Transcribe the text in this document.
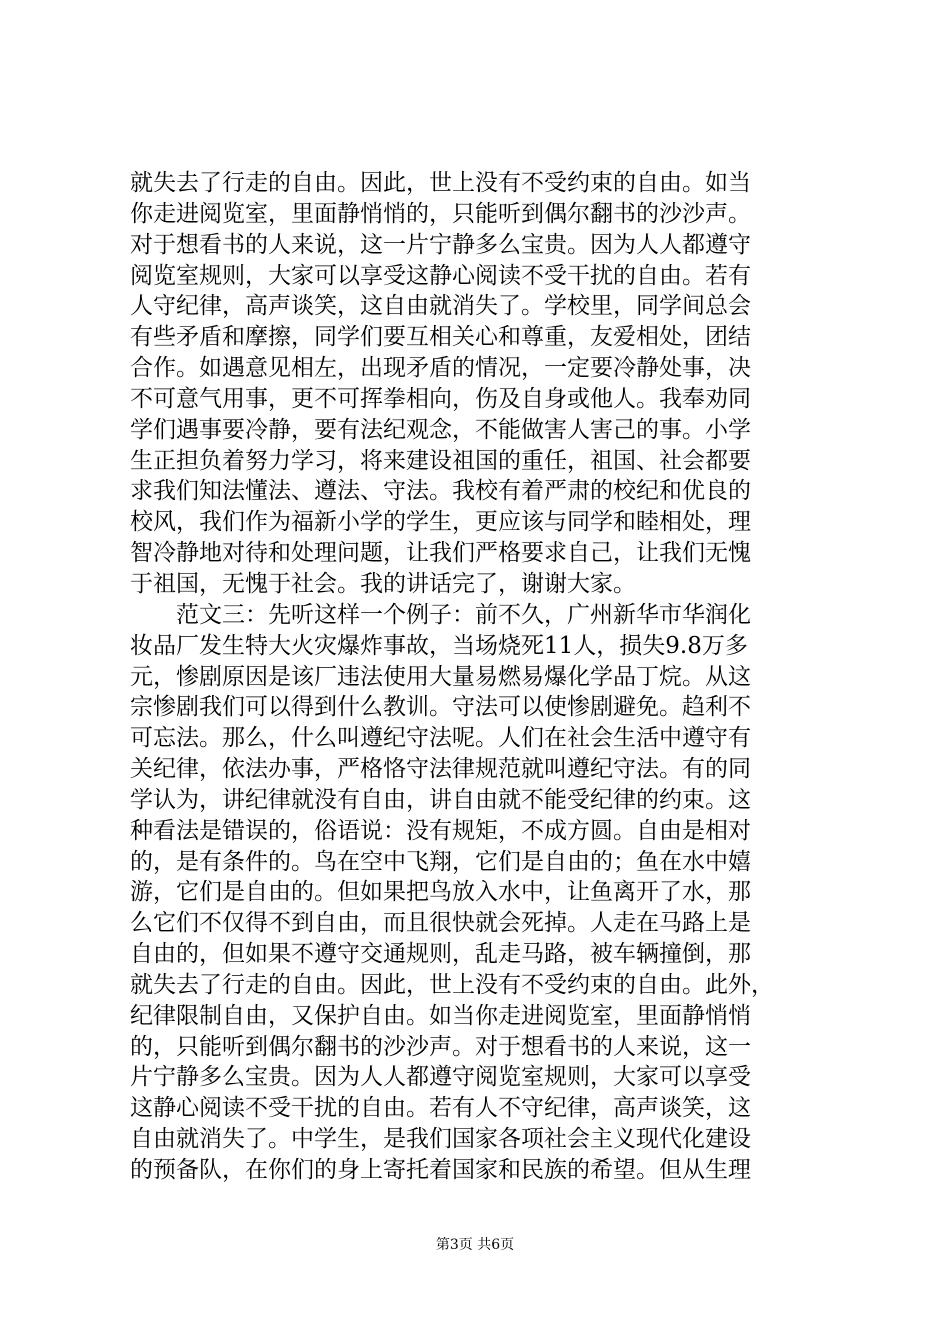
就失去了行走的自由。因此，世上没有不受约束的自由。如当
你走进阅览室，里面静悄悄的，只能听到偶尔翻书的沙沙声。
对于想看书的人来说，这一片宁静多么宝贵。因为人人都遵守
阅览室规则，大家可以享受这静心阅读不受干扰的自由。若有
人守纪律，高声谈笑，这自由就消失了。学校里，同学间总会
有些矛盾和摩擦，同学们要互相关心和尊重，友爱相处，团结
合作。如遇意见相左，出现矛盾的情况，一定要冷静处事，决
不可意气用事，更不可挥拳相向，伤及自身或他人。我奉劝同
学们遇事要冷静，要有法纪观念，不能做害人害己的事。小学
生正担负着努力学习，将来建设祖国的重任，祖国、社会都要
求我们知法懂法、遵法、守法。我校有着严肃的校纪和优良的
校风，我们作为福新小学的学生，更应该与同学和睦相处，理
智冷静地对待和处理问题，让我们严格要求自己，让我们无愧
于祖国，无愧于社会。我的讲话完了，谢谢大家。
　　范文三：先听这样一个例子：前不久，广州新华市华润化
妆品厂发生特大火灾爆炸事故，当场烧死11人，损失9.8万多
元，惨剧原因是该厂违法使用大量易燃易爆化学品丁烷。从这
宗惨剧我们可以得到什么教训。守法可以使惨剧避免。趋利不
可忘法。那么，什么叫遵纪守法呢。人们在社会生活中遵守有
关纪律，依法办事，严格恪守法律规范就叫遵纪守法。有的同
学认为，讲纪律就没有自由，讲自由就不能受纪律的约束。这
种看法是错误的，俗语说：没有规矩，不成方圆。自由是相对
的，是有条件的。鸟在空中飞翔，它们是自由的；鱼在水中嬉
游，它们是自由的。但如果把鸟放入水中，让鱼离开了水，那
么它们不仅得不到自由，而且很快就会死掉。人走在马路上是
自由的，但如果不遵守交通规则，乱走马路，被车辆撞倒，那
就失去了行走的自由。因此，世上没有不受约束的自由。此外，
纪律限制自由，又保护自由。如当你走进阅览室，里面静悄悄
的，只能听到偶尔翻书的沙沙声。对于想看书的人来说，这一
片宁静多么宝贵。因为人人都遵守阅览室规则，大家可以享受
这静心阅读不受干扰的自由。若有人不守纪律，高声谈笑，这
自由就消失了。中学生，是我们国家各项社会主义现代化建设
的预备队，在你们的身上寄托着国家和民族的希望。但从生理
第3页 共6页
